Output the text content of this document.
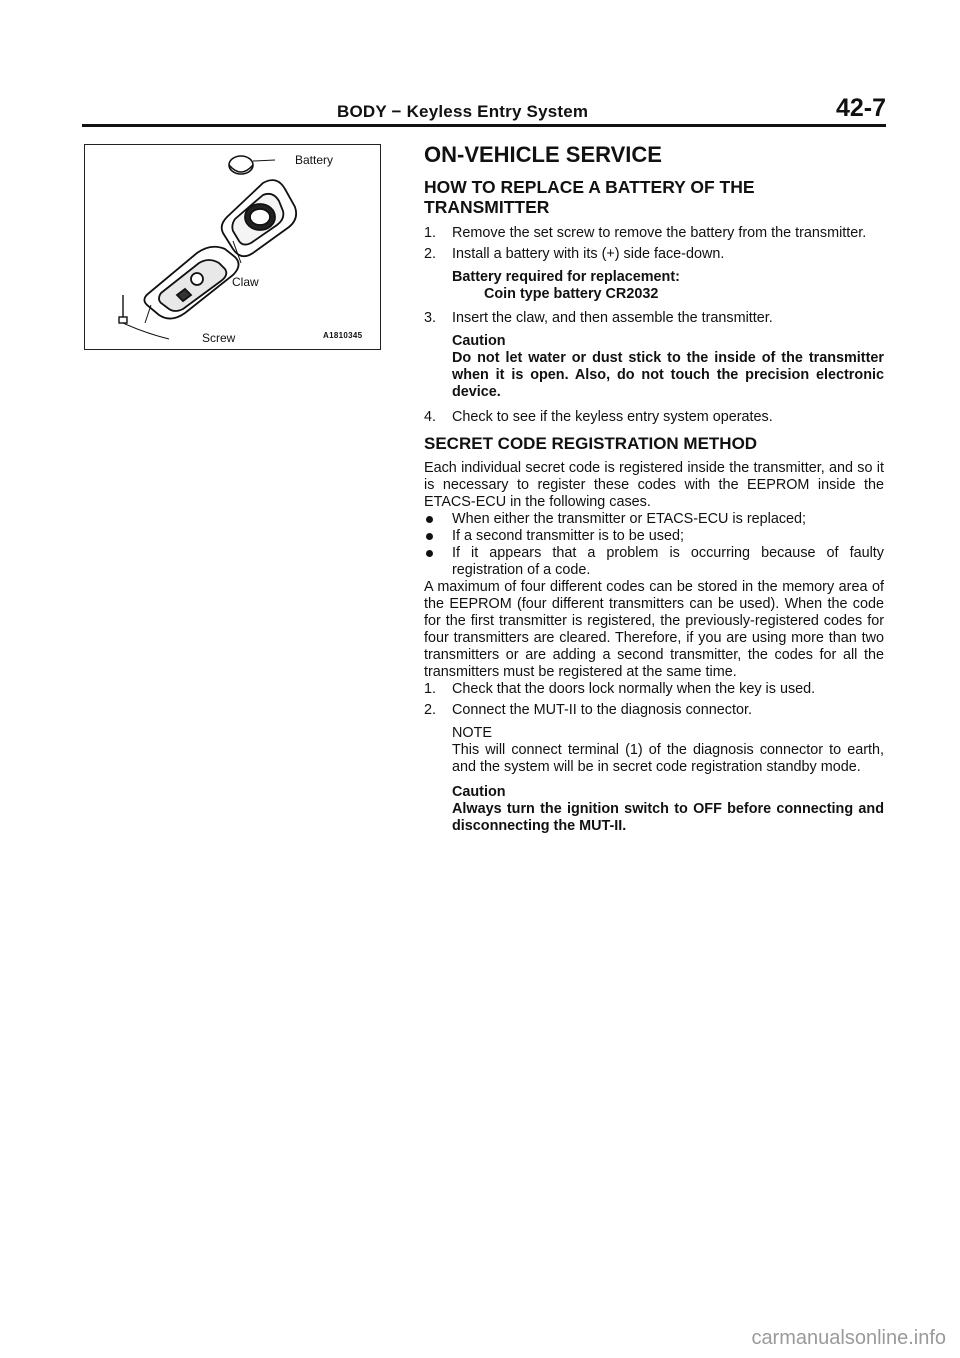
BODY − Keyless Entry System	42-7
Battery
Claw
Screw	A1810345
ON-VEHICLE SERVICE
HOW TO REPLACE A BATTERY OF THE TRANSMITTER
1. Remove the set screw to remove the battery from the transmitter.
2. Install a battery with its (+) side face-down.
Battery required for replacement:
Coin type battery CR2032
3. Insert the claw, and then assemble the transmitter.
Caution
Do not let water or dust stick to the inside of the transmitter when it is open. Also, do not touch the precision electronic device.
4. Check to see if the keyless entry system operates.
SECRET CODE REGISTRATION METHOD

Each individual secret code is registered inside the transmitter, and so it is necessary to register these codes with the EEPROM inside the ETACS-ECU in the following cases.

When either the transmitter or ETACS-ECU is replaced;
If a second transmitter is to be used;
If it appears that a problem is occurring because of faulty registration of a code.

A maximum of four different codes can be stored in the memory area of the EEPROM (four different transmitters can be used). When the code for the first transmitter is registered, the previously-registered codes for four transmitters are cleared. Therefore, if you are using more than two transmitters or are adding a second transmitter, the codes for all the transmitters must be registered at the same time.

1. Check that the doors lock normally when the key is used.
2. Connect the MUT-II to the diagnosis connector.
NOTE
This will connect terminal (1) of the diagnosis connector to earth, and the system will be in secret code registration standby mode.
Caution
Always turn the ignition switch to OFF before connecting and disconnecting the MUT-II.
carmanualsonline.info
